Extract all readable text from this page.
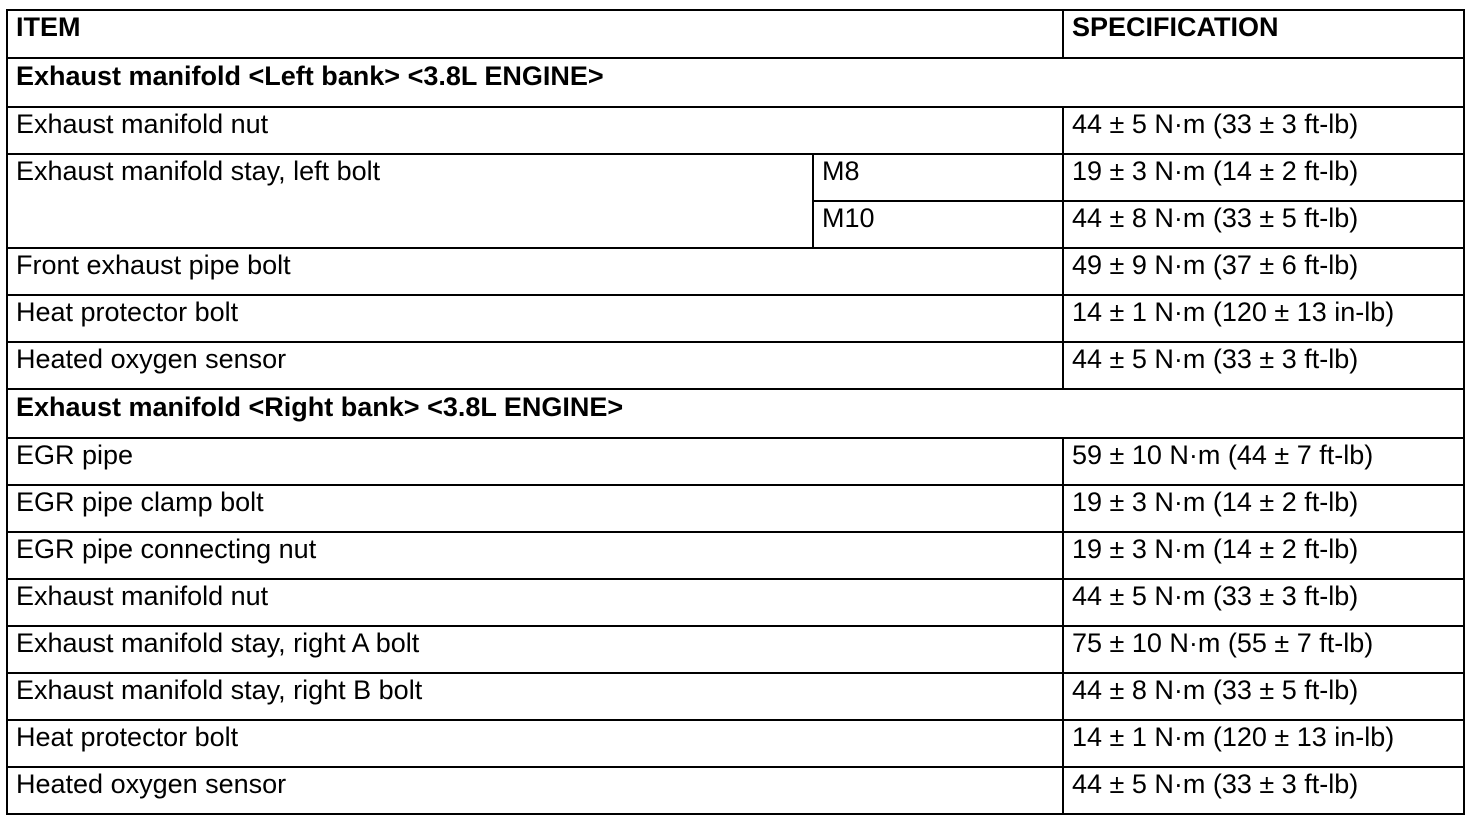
ITEM		SPECIFICATION
Exhaust manifold <Left bank> <3.8L ENGINE>		
Exhaust manifold nut		44 ± 5 N·m (33 ± 3 ft-lb)
Exhaust manifold stay, left bolt	M8	19 ± 3 N·m (14 ± 2 ft-lb)
	M10	44 ± 8 N·m (33 ± 5 ft-lb)
Front exhaust pipe bolt		49 ± 9 N·m (37 ± 6 ft-lb)
Heat protector bolt		14 ± 1 N·m (120 ± 13 in-lb)
Heated oxygen sensor		44 ± 5 N·m (33 ± 3 ft-lb)
Exhaust manifold <Right bank> <3.8L ENGINE>		
EGR pipe		59 ± 10 N·m (44 ± 7 ft-lb)
EGR pipe clamp bolt		19 ± 3 N·m (14 ± 2 ft-lb)
EGR pipe connecting nut		19 ± 3 N·m (14 ± 2 ft-lb)
Exhaust manifold nut		44 ± 5 N·m (33 ± 3 ft-lb)
Exhaust manifold stay, right A bolt		75 ± 10 N·m (55 ± 7 ft-lb)
Exhaust manifold stay, right B bolt		44 ± 8 N·m (33 ± 5 ft-lb)
Heat protector bolt		14 ± 1 N·m (120 ± 13 in-lb)
Heated oxygen sensor		44 ± 5 N·m (33 ± 3 ft-lb)
